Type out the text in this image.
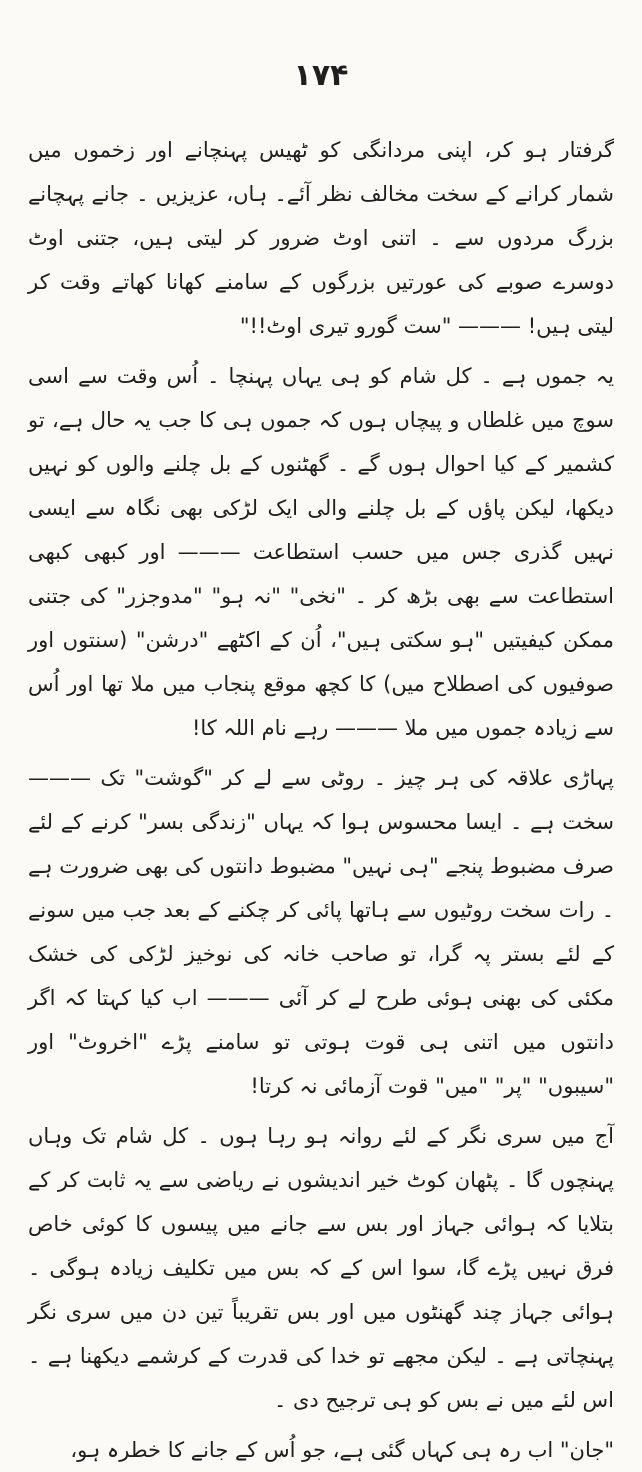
۱۷۴

گرفتار ہو کر، اپنی مردانگی کو ٹھیس پہنچانے اور زخموں میں شمار کرانے کے سخت مخالف نظر آئے۔ ہاں، عزیزیں ۔ جانے پہچانے بزرگ مردوں سے ۔ اتنی اوٹ ضرور کر لیتی ہیں، جتنی اوٹ دوسرے صوبے کی عورتیں بزرگوں کے سامنے کھانا کھاتے وقت کر لیتی ہیں! ——— "ست گورو تیری اوٹ!!"

یہ جموں ہے ۔ کل شام کو ہی یہاں پہنچا ۔ اُس وقت سے اسی سوچ میں غلطاں و پیچاں ہوں کہ جموں ہی کا جب یہ حال ہے، تو کشمیر کے کیا احوال ہوں گے ۔ گھٹنوں کے بل چلنے والوں کو نہیں دیکھا، لیکن پاؤں کے بل چلنے والی ایک لڑکی بھی نگاہ سے ایسی نہیں گذری جس میں حسب استطاعت ——— اور کبھی کبھی استطاعت سے بھی بڑھ کر ۔ "نخی" "نہ ہو" "مدوجزر" کی جتنی ممکن کیفیتیں "ہو سکتی ہیں"، اُن کے اکٹھے "درشن" (سنتوں اور صوفیوں کی اصطلاح میں) کا کچھ موقع پنجاب میں ملا تھا اور اُس سے زیادہ جموں میں ملا ——— رہے نام اللہ کا!

پہاڑی علاقہ کی ہر چیز ۔ روٹی سے لے کر "گوشت" تک ——— سخت ہے ۔ ایسا محسوس ہوا کہ یہاں "زندگی بسر" کرنے کے لئے صرف مضبوط پنجے "ہی نہیں" مضبوط دانتوں کی بھی ضرورت ہے ۔ رات سخت روٹیوں سے ہاتھا پائی کر چکنے کے بعد جب میں سونے کے لئے بستر پہ گرا، تو صاحب خانہ کی نوخیز لڑکی کی خشک مکئی کی بھنی ہوئی طرح لے کر آئی ——— اب کیا کہتا کہ اگر دانتوں میں اتنی ہی قوت ہوتی تو سامنے پڑے "اخروٹ" اور "سیبوں" "پر" "میں" قوت آزمائی نہ کرتا!

آج میں سری نگر کے لئے روانہ ہو رہا ہوں ۔ کل شام تک وہاں پہنچوں گا ۔ پٹھان کوٹ خیر اندیشوں نے ریاضی سے یہ ثابت کر کے بتلایا کہ ہوائی جہاز اور بس سے جانے میں پیسوں کا کوئی خاص فرق نہیں پڑے گا، سوا اس کے کہ بس میں تکلیف زیادہ ہوگی ۔ ہوائی جہاز چند گھنٹوں میں اور بس تقریباً تین دن میں سری نگر پہنچاتی ہے ۔ لیکن مجھے تو خدا کی قدرت کے کرشمے دیکھنا ہے ۔ اس لئے میں نے بس کو ہی ترجیح دی ۔

"جان" اب رہ ہی کہاں گئی ہے، جو اُس کے جانے کا خطرہ ہو،
